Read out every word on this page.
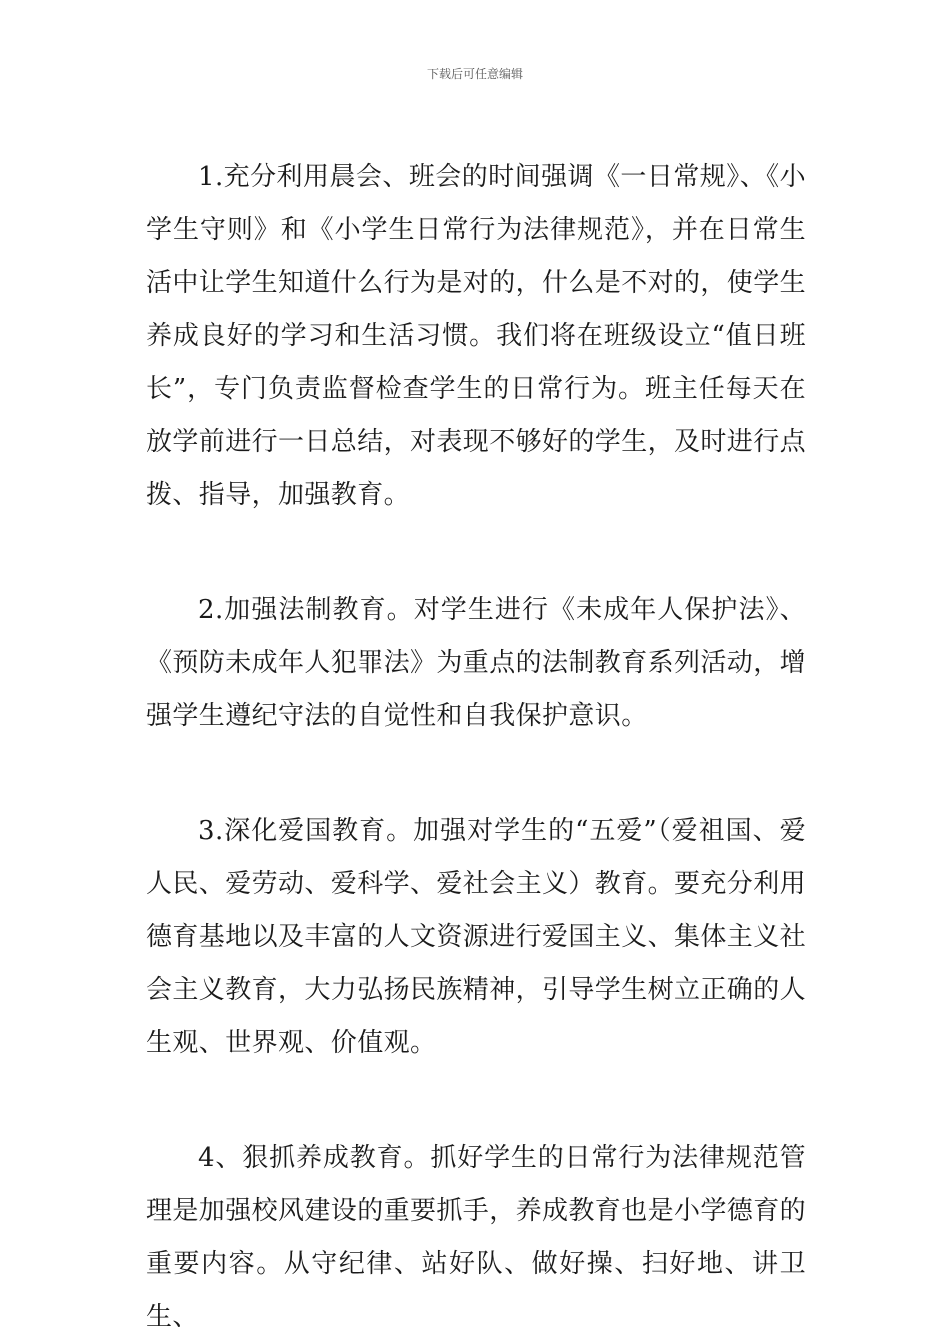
下载后可任意编辑

1.充分利用晨会、班会的时间强调《一日常规》、《小学生守则》和《小学生日常行为法律规范》，并在日常生活中让学生知道什么行为是对的，什么是不对的，使学生养成良好的学习和生活习惯。我们将在班级设立“值日班长”，专门负责监督检查学生的日常行为。班主任每天在放学前进行一日总结，对表现不够好的学生，及时进行点拨、指导，加强教育。

2.加强法制教育。对学生进行《未成年人保护法》、《预防未成年人犯罪法》为重点的法制教育系列活动，增强学生遵纪守法的自觉性和自我保护意识。

3.深化爱国教育。加强对学生的“五爱”（爱祖国、爱人民、爱劳动、爱科学、爱社会主义）教育。要充分利用德育基地以及丰富的人文资源进行爱国主义、集体主义社会主义教育，大力弘扬民族精神，引导学生树立正确的人生观、世界观、价值观。

4、狠抓养成教育。抓好学生的日常行为法律规范管理是加强校风建设的重要抓手，养成教育也是小学德育的重要内容。从守纪律、站好队、做好操、扫好地、讲卫生、
